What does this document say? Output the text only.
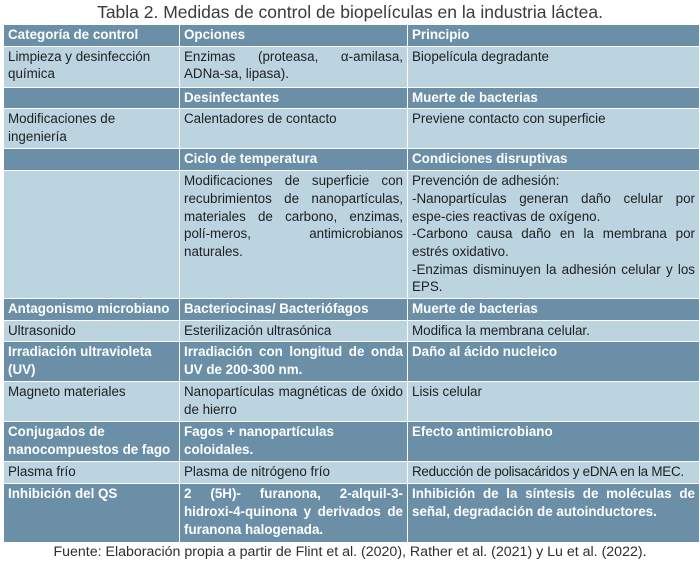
Tabla 2. Medidas de control de biopelículas en la industria láctea.
Categoría de control	Opciones	Principio
Limpieza y desinfección química	Enzimas (proteasa, α-amilasa, ADNa-sa, lipasa).	Biopelícula degradante
	Desinfectantes	Muerte de bacterias
Modificaciones de ingeniería	Calentadores de contacto	Previene contacto con superficie
	Ciclo de temperatura	Condiciones disruptivas
	Modificaciones de superficie con recubrimientos de nanopartículas, materiales de carbono, enzimas, polí-meros, antimicrobianos naturales.	Prevención de adhesión:
-Nanopartículas generan daño celular por espe-cies reactivas de oxígeno.
-Carbono causa daño en la membrana por estrés oxidativo.
-Enzimas disminuyen la adhesión celular y los EPS.

Antagonismo microbiano	Bacteriocinas/ Bacteriófagos	Muerte de bacterias
Ultrasonido	Esterilización ultrasónica	Modifica la membrana celular.
Irradiación ultravioleta (UV)	Irradiación con longitud de onda UV de 200-300 nm.	Daño al ácido nucleico
Magneto materiales	Nanopartículas magnéticas de óxido de hierro	Lisis celular
Conjugados de nanocompuestos de fago	Fagos + nanopartículas coloidales.	Efecto antimicrobiano
Plasma frío	Plasma de nitrógeno frío	Reducción de polisacáridos y eDNA en la MEC.
Inhibición del QS	2 (5H)- furanona, 2-alquil-3-hidroxi-4-quinona y derivados de furanona halogenada.	Inhibición de la síntesis de moléculas de señal, degradación de autoinductores.
Fuente: Elaboración propia a partir de Flint et al. (2020), Rather et al. (2021) y Lu et al. (2022).
